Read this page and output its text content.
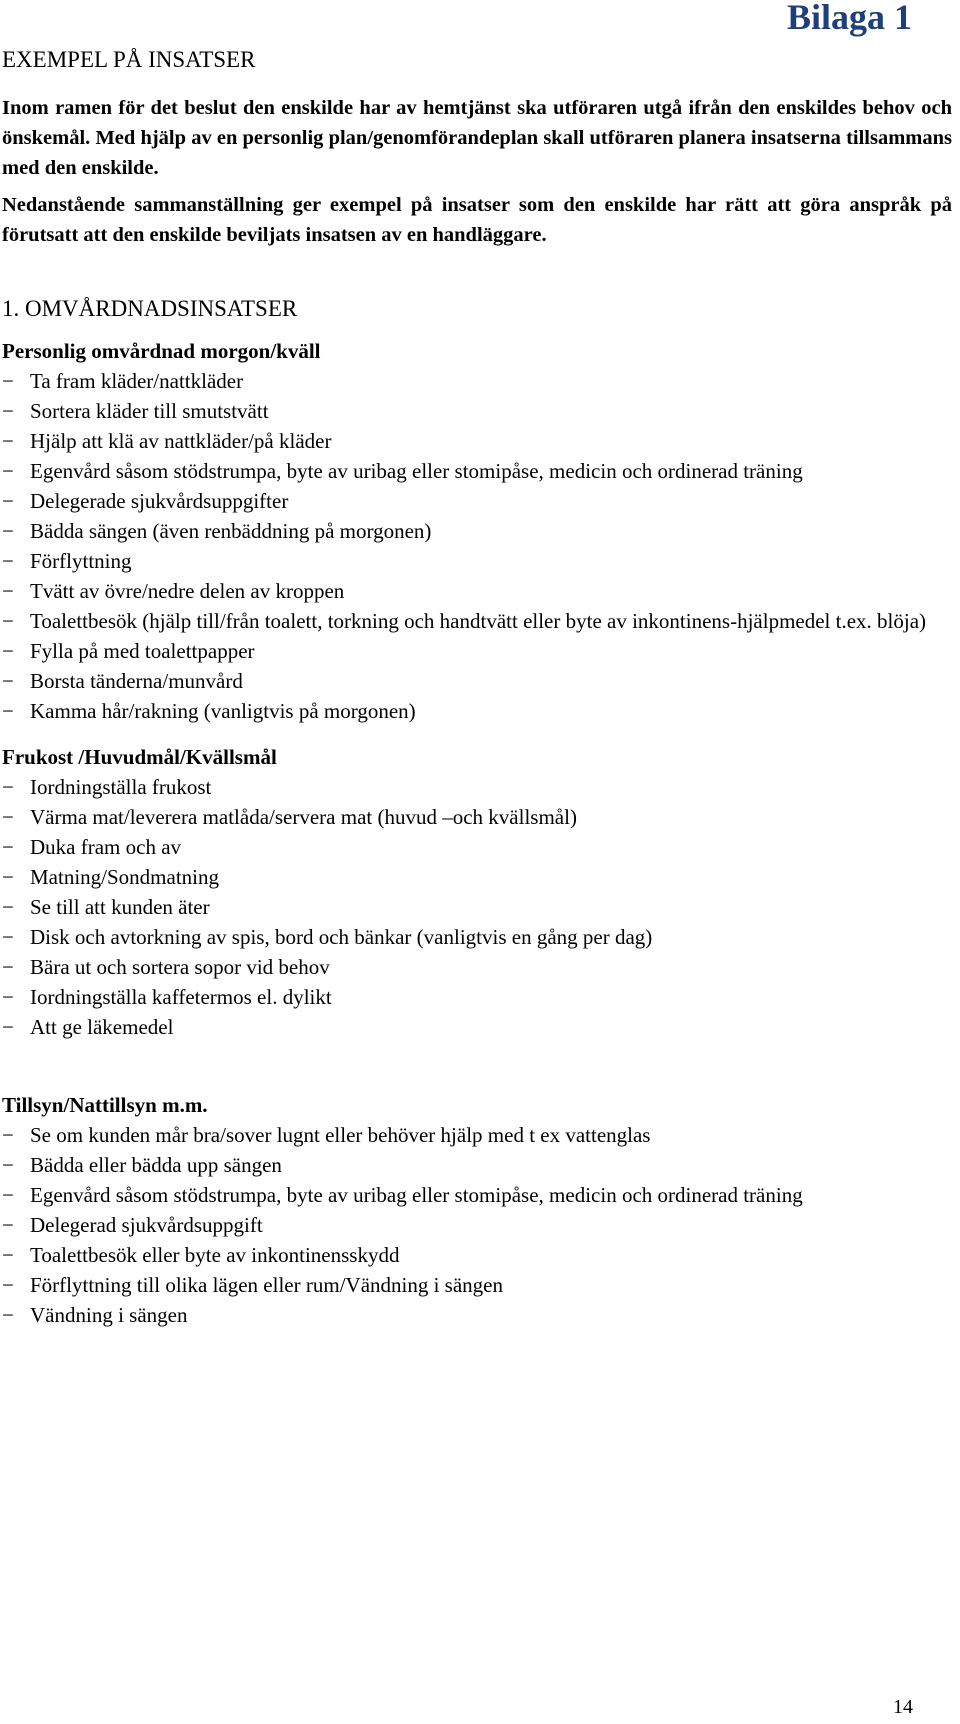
Bilaga 1
EXEMPEL PÅ INSATSER

Inom ramen för det beslut den enskilde har av hemtjänst ska utföraren utgå ifrån den enskildes behov och önskemål. Med hjälp av en personlig plan/genomförandeplan skall utföraren planera insatserna tillsammans med den enskilde.

Nedanstående sammanställning ger exempel på insatser som den enskilde har rätt att göra anspråk på förutsatt att den enskilde beviljats insatsen av en handläggare.

1. OMVÅRDNADSINSATSER
Personlig omvårdnad morgon/kväll
− Ta fram kläder/nattkläder
− Sortera kläder till smutstvätt
− Hjälp att klä av nattkläder/på kläder
− Egenvård såsom stödstrumpa, byte av uribag eller stomipåse, medicin och ordinerad träning
− Delegerade sjukvårdsuppgifter
− Bädda sängen (även renbäddning på morgonen)
− Förflyttning
− Tvätt av övre/nedre delen av kroppen
− Toalettbesök (hjälp till/från toalett, torkning och handtvätt eller byte av inkontinens-hjälpmedel t.ex. blöja)
− Fylla på med toalettpapper
− Borsta tänderna/munvård
− Kamma hår/rakning (vanligtvis på morgonen)
Frukost /Huvudmål/Kvällsmål
− Iordningställa frukost
− Värma mat/leverera matlåda/servera mat (huvud –och kvällsmål)
− Duka fram och av
− Matning/Sondmatning
− Se till att kunden äter
− Disk och avtorkning av spis, bord och bänkar (vanligtvis en gång per dag)
− Bära ut och sortera sopor vid behov
− Iordningställa kaffetermos el. dylikt
− Att ge läkemedel
Tillsyn/Nattillsyn m.m.
− Se om kunden mår bra/sover lugnt eller behöver hjälp med t ex vattenglas
− Bädda eller bädda upp sängen
− Egenvård såsom stödstrumpa, byte av uribag eller stomipåse, medicin och ordinerad träning
− Delegerad sjukvårdsuppgift
− Toalettbesök eller byte av inkontinensskydd
− Förflyttning till olika lägen eller rum/Vändning i sängen
− Vändning i sängen
14
